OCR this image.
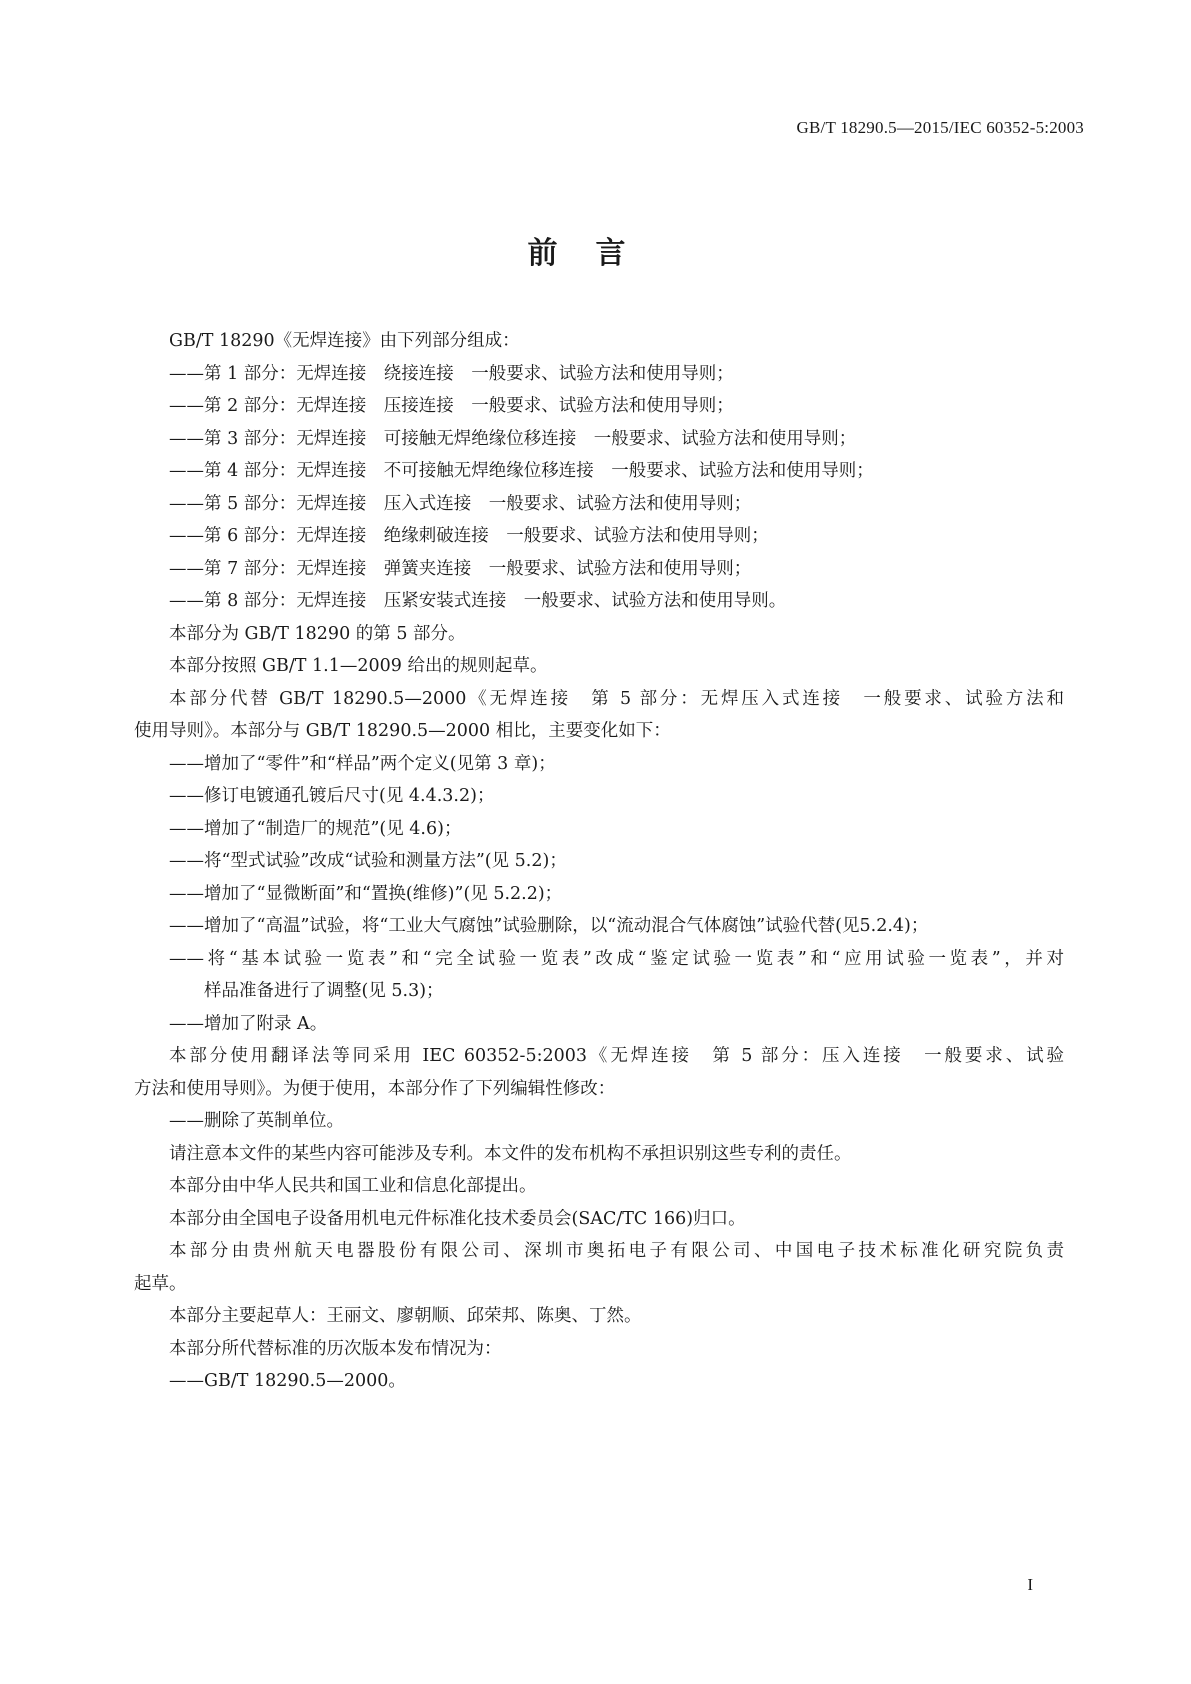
GB/T 18290.5—2015/IEC 60352-5:2003
前言

GB/T 18290《无焊连接》由下列部分组成：

——第 1 部分：无焊连接　绕接连接　一般要求、试验方法和使用导则；

——第 2 部分：无焊连接　压接连接　一般要求、试验方法和使用导则；

——第 3 部分：无焊连接　可接触无焊绝缘位移连接　一般要求、试验方法和使用导则；

——第 4 部分：无焊连接　不可接触无焊绝缘位移连接　一般要求、试验方法和使用导则；

——第 5 部分：无焊连接　压入式连接　一般要求、试验方法和使用导则；

——第 6 部分：无焊连接　绝缘刺破连接　一般要求、试验方法和使用导则；

——第 7 部分：无焊连接　弹簧夹连接　一般要求、试验方法和使用导则；

——第 8 部分：无焊连接　压紧安装式连接　一般要求、试验方法和使用导则。

本部分为 GB/T 18290 的第 5 部分。

本部分按照 GB/T 1.1—2009 给出的规则起草。

本部分代替 GB/T 18290.5—2000《无焊连接　第 5 部分：无焊压入式连接　一般要求、试验方法和

使用导则》。本部分与 GB/T 18290.5—2000 相比，主要变化如下：

——增加了“零件”和“样品”两个定义(见第 3 章)；

——修订电镀通孔镀后尺寸(见 4.4.3.2)；

——增加了“制造厂的规范”(见 4.6)；

——将“型式试验”改成“试验和测量方法”(见 5.2)；

——增加了“显微断面”和“置换(维修)”(见 5.2.2)；

——增加了“高温”试验，将“工业大气腐蚀”试验删除，以“流动混合气体腐蚀”试验代替(见5.2.4)；

——将“基本试验一览表”和“完全试验一览表”改成“鉴定试验一览表”和“应用试验一览表”，并对

样品准备进行了调整(见 5.3)；

——增加了附录 A。

本部分使用翻译法等同采用 IEC 60352-5:2003《无焊连接　第 5 部分：压入连接　一般要求、试验

方法和使用导则》。为便于使用，本部分作了下列编辑性修改：

——删除了英制单位。

请注意本文件的某些内容可能涉及专利。本文件的发布机构不承担识别这些专利的责任。

本部分由中华人民共和国工业和信息化部提出。

本部分由全国电子设备用机电元件标准化技术委员会(SAC/TC 166)归口。

本部分由贵州航天电器股份有限公司、深圳市奥拓电子有限公司、中国电子技术标准化研究院负责

起草。

本部分主要起草人：王丽文、廖朝顺、邱荣邦、陈奥、丁然。

本部分所代替标准的历次版本发布情况为：

——GB/T 18290.5—2000。

I
